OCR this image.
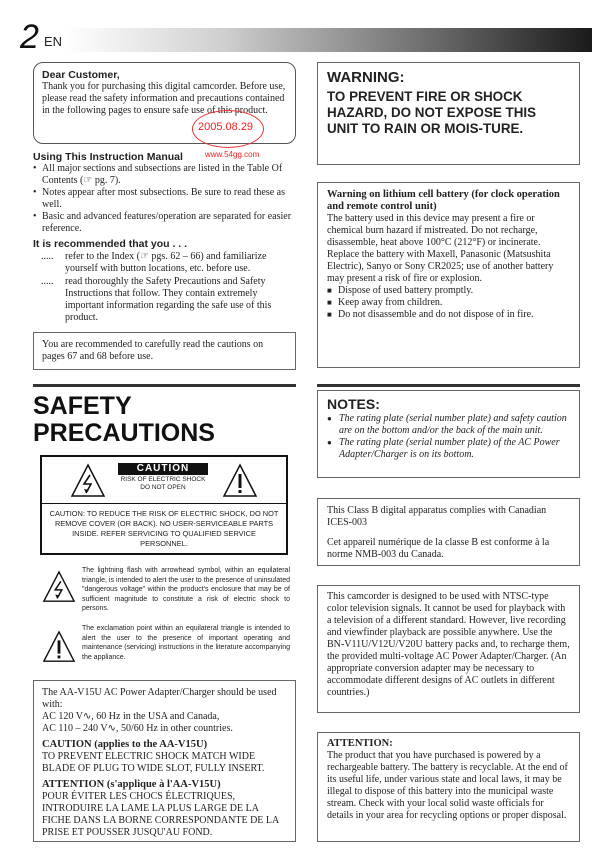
2 EN

Dear Customer,

Thank you for purchasing this digital camcorder. Before use, please read the safety information and precautions contained in the following pages to ensure safe use of this product.

2005.08.29
www.54gg.com

Using This Instruction Manual

• All major sections and subsections are listed in the Table Of Contents (☞ pg. 7).
• Notes appear after most subsections. Be sure to read these as well.
• Basic and advanced features/operation are separated for easier reference.

It is recommended that you . . .

..... refer to the Index (☞ pgs. 62 – 66) and familiarize yourself with button locations, etc. before use.
..... read thoroughly the Safety Precautions and Safety Instructions that follow. They contain extremely important information regarding the safe use of this product.

You are recommended to carefully read the cautions on pages 67 and 68 before use.

SAFETY
PRECAUTIONS
CAUTION
RISK OF ELECTRIC SHOCK
DO NOT OPEN
CAUTION: TO REDUCE THE RISK OF ELECTRIC SHOCK, DO NOT REMOVE COVER (OR BACK). NO USER-SERVICEABLE PARTS INSIDE. REFER SERVICING TO QUALIFIED SERVICE PERSONNEL.

The lightning flash with arrowhead symbol, within an equilateral triangle, is intended to alert the user to the presence of uninsulated "dangerous voltage" within the product's enclosure that may be of sufficient magnitude to constitute a risk of electric shock to persons.

The exclamation point within an equilateral triangle is intended to alert the user to the presence of important operating and maintenance (servicing) instructions in the literature accompanying the appliance.

The AA-V15U AC Power Adapter/Charger should be used with:

AC 120 V∿, 60 Hz in the USA and Canada,

AC 110 – 240 V∿, 50/60 Hz in other countries.

CAUTION (applies to the AA-V15U)

TO PREVENT ELECTRIC SHOCK MATCH WIDE BLADE OF PLUG TO WIDE SLOT, FULLY INSERT.

ATTENTION (s'applique à l'AA-V15U)

POUR ÉVITER LES CHOCS ÉLECTRIQUES, INTRODUIRE LA LAME LA PLUS LARGE DE LA FICHE DANS LA BORNE CORRESPONDANTE DE LA PRISE ET POUSSER JUSQU'AU FOND.

WARNING:

TO PREVENT FIRE OR SHOCK HAZARD, DO NOT EXPOSE THIS UNIT TO RAIN OR MOIS-TURE.

Warning on lithium cell battery (for clock operation and remote control unit)

The battery used in this device may present a fire or chemical burn hazard if mistreated. Do not recharge, disassemble, heat above 100°C (212°F) or incinerate.

Replace the battery with Maxell, Panasonic (Matsushita Electric), Sanyo or Sony CR2025; use of another battery may present a risk of fire or explosion.

■ Dispose of used battery promptly.
■ Keep away from children.
■ Do not disassemble and do not dispose of in fire.

NOTES:

● The rating plate (serial number plate) and safety caution are on the bottom and/or the back of the main unit.
● The rating plate (serial number plate) of the AC Power Adapter/Charger is on its bottom.

This Class B digital apparatus complies with Canadian ICES-003

Cet appareil numérique de la classe B est conforme à la norme NMB-003 du Canada.

This camcorder is designed to be used with NTSC-type color television signals. It cannot be used for playback with a television of a different standard. However, live recording and viewfinder playback are possible anywhere. Use the BN-V11U/V12U/V20U battery packs and, to recharge them, the provided multi-voltage AC Power Adapter/Charger. (An appropriate conversion adapter may be necessary to accommodate different designs of AC outlets in different countries.)

ATTENTION:

The product that you have purchased is powered by a rechargeable battery. The battery is recyclable. At the end of its useful life, under various state and local laws, it may be illegal to dispose of this battery into the municipal waste stream. Check with your local solid waste officials for details in your area for recycling options or proper disposal.
